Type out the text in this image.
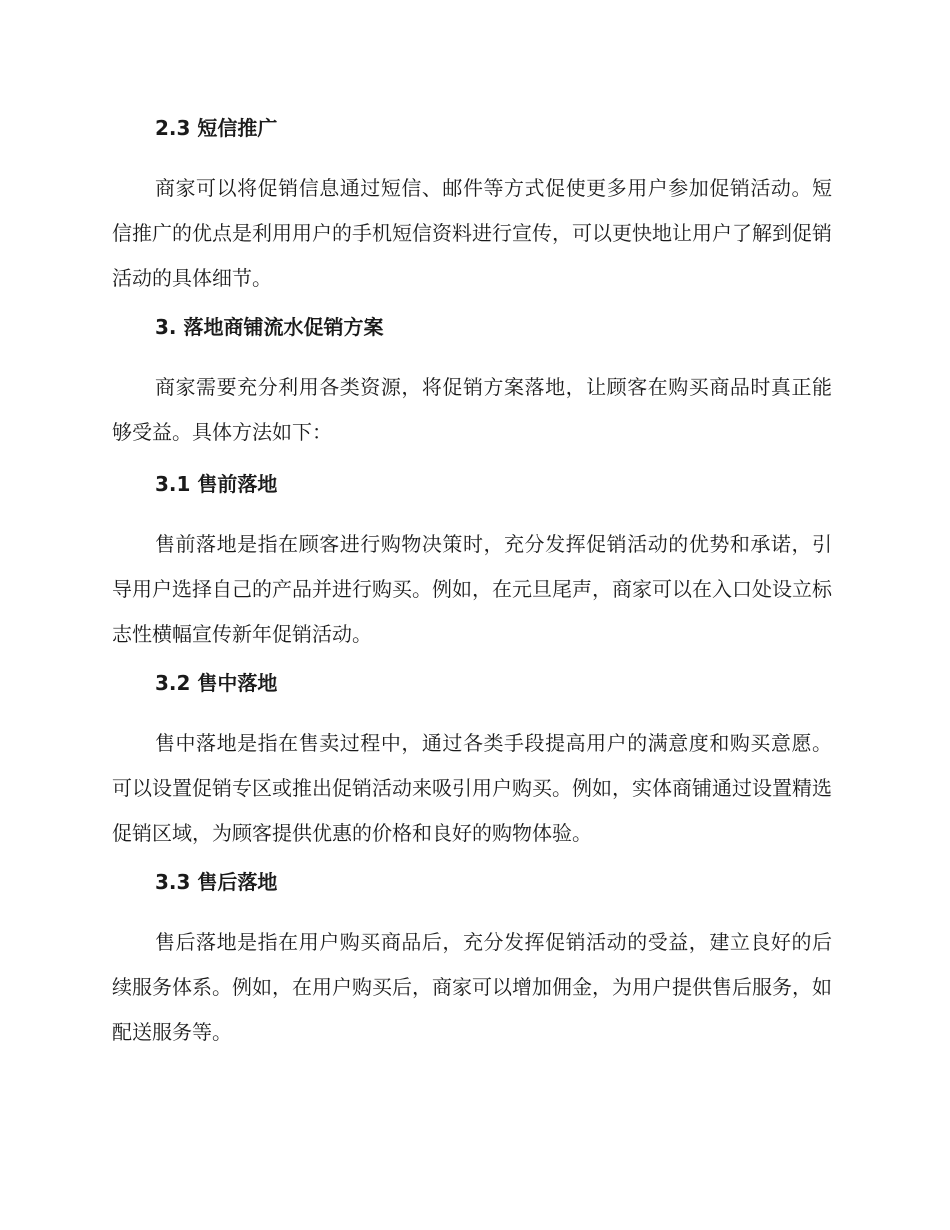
2.3 短信推广

商家可以将促销信息通过短信、邮件等方式促使更多用户参加促销活动。短信推广的优点是利用用户的手机短信资料进行宣传，可以更快地让用户了解到促销活动的具体细节。

3. 落地商铺流水促销方案

商家需要充分利用各类资源，将促销方案落地，让顾客在购买商品时真正能够受益。具体方法如下：

3.1 售前落地

售前落地是指在顾客进行购物决策时，充分发挥促销活动的优势和承诺，引导用户选择自己的产品并进行购买。例如，在元旦尾声，商家可以在入口处设立标志性横幅宣传新年促销活动。

3.2 售中落地

售中落地是指在售卖过程中，通过各类手段提高用户的满意度和购买意愿。可以设置促销专区或推出促销活动来吸引用户购买。例如，实体商铺通过设置精选促销区域，为顾客提供优惠的价格和良好的购物体验。

3.3 售后落地

售后落地是指在用户购买商品后，充分发挥促销活动的受益，建立良好的后续服务体系。例如，在用户购买后，商家可以增加佣金，为用户提供售后服务，如配送服务等。
